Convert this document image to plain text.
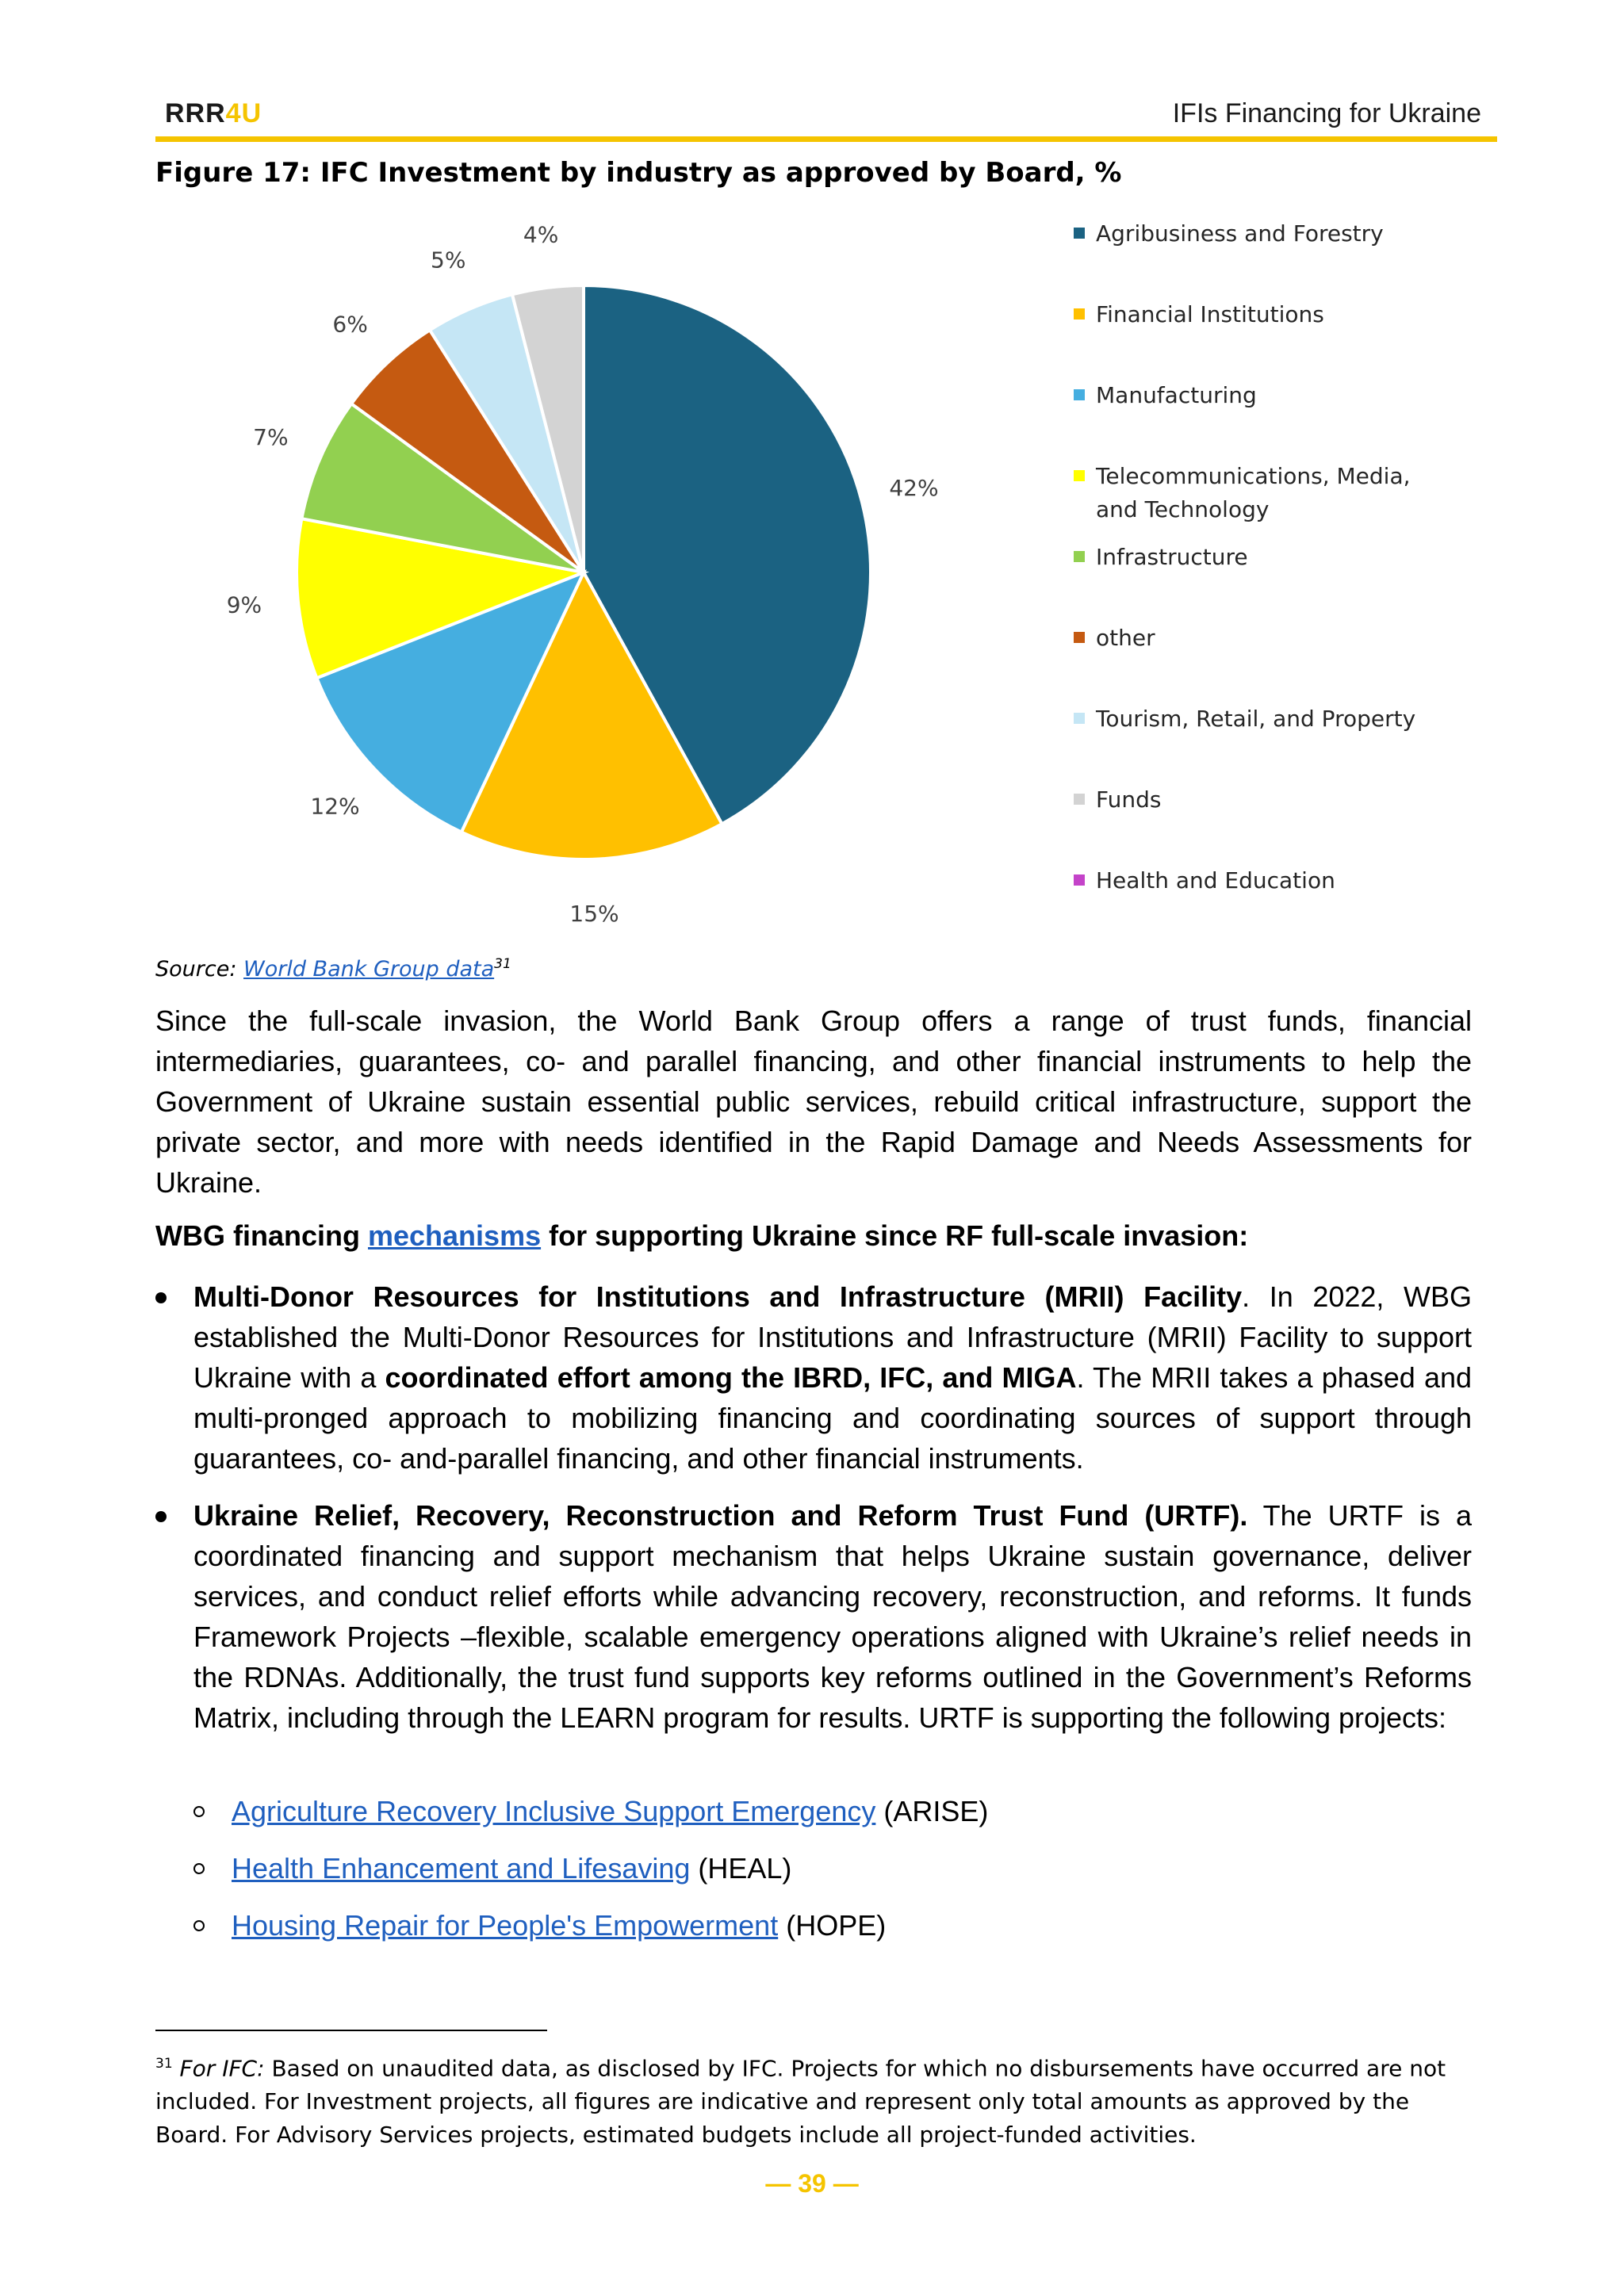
RRR4U	IFIs Financing for Ukraine
Figure 17: IFC Investment by industry as approved by Board, %
42%
15%
12%
9%
7%
6%
5%
4%	Agribusiness and Forestry
Financial Institutions
Manufacturing
Telecommunications, Media, and Technology
Infrastructure
other
Tourism, Retail, and Property
Funds
Health and Education
Source: World Bank Group data$^{31}$
Since the full-scale invasion, the World Bank Group offers a range of trust funds, financial intermediaries, guarantees, co- and parallel financing, and other financial instruments to help the Government of Ukraine sustain essential public services, rebuild critical infrastructure, support the private sector, and more with needs identified in the Rapid Damage and Needs Assessments for Ukraine.
WBG financing mechanisms for supporting Ukraine since RF full-scale invasion:
Multi-Donor Resources for Institutions and Infrastructure (MRII) Facility. In 2022, WBG established the Multi-Donor Resources for Institutions and Infrastructure (MRII) Facility to support Ukraine with a coordinated effort among the IBRD, IFC, and MIGA. The MRII takes a phased and multi-pronged approach to mobilizing financing and coordinating sources of support through guarantees, co- and-parallel financing, and other financial instruments.
Ukraine Relief, Recovery, Reconstruction and Reform Trust Fund (URTF). The URTF is a coordinated financing and support mechanism that helps Ukraine sustain governance, deliver services, and conduct relief efforts while advancing recovery, reconstruction, and reforms. It funds Framework Projects –flexible, scalable emergency operations aligned with Ukraine’s relief needs in the RDNAs. Additionally, the trust fund supports key reforms outlined in the Government’s Reforms Matrix, including through the LEARN program for results. URTF is supporting the following projects:
Agriculture Recovery Inclusive Support Emergency (ARISE)
Health Enhancement and Lifesaving (HEAL)
Housing Repair for People's Empowerment (HOPE)
$^{31}$ For IFC: Based on unaudited data, as disclosed by IFC. Projects for which no disbursements have occurred are not included. For Investment projects, all figures are indicative and represent only total amounts as approved by the Board. For Advisory Services projects, estimated budgets include all project-funded activities.
— 39 —
